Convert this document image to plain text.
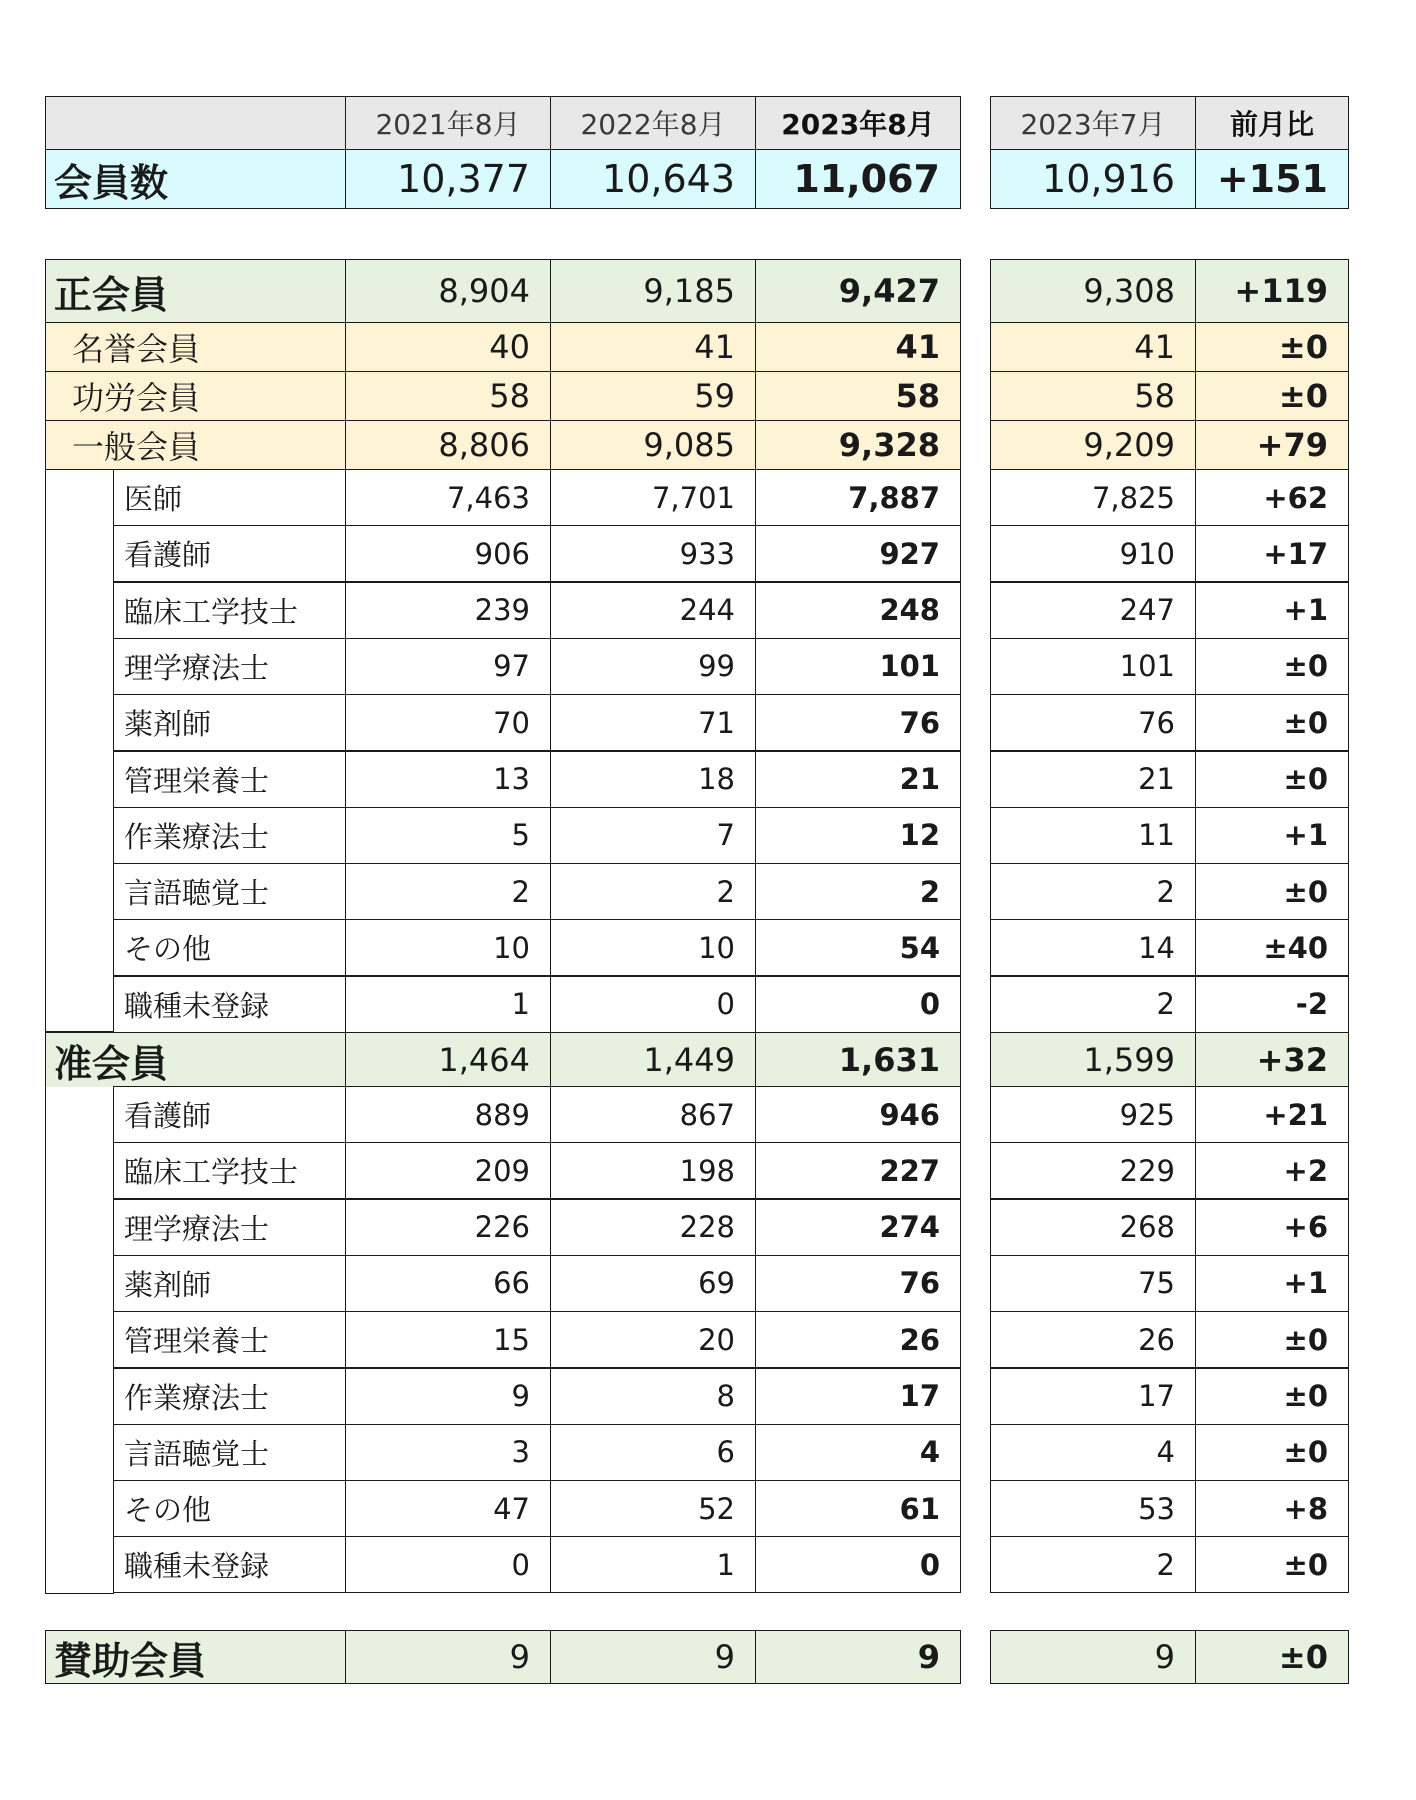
2021年8月	2022年8月	2023年8月	2023年7月	前月比
会員数	10,377	10,643	11,067	10,916	+151
正会員	8,904	9,185	9,427	9,308	+119
名誉会員	40	41	41	41	±0
功労会員	58	59	58	58	±0
一般会員	8,806	9,085	9,328	9,209	+79
医師	7,463	7,701	7,887	7,825	+62
看護師	906	933	927	910	+17
臨床工学技士	239	244	248	247	+1
理学療法士	97	99	101	101	±0
薬剤師	70	71	76	76	±0
管理栄養士	13	18	21	21	±0
作業療法士	5	7	12	11	+1
言語聴覚士	2	2	2	2	±0
その他	10	10	54	14	±40
職種未登録	1	0	0	2	-2
准会員	1,464	1,449	1,631	1,599	+32
看護師	889	867	946	925	+21
臨床工学技士	209	198	227	229	+2
理学療法士	226	228	274	268	+6
薬剤師	66	69	76	75	+1
管理栄養士	15	20	26	26	±0
作業療法士	9	8	17	17	±0
言語聴覚士	3	6	4	4	±0
その他	47	52	61	53	+8
職種未登録	0	1	0	2	±0
賛助会員	9	9	9	9	±0
